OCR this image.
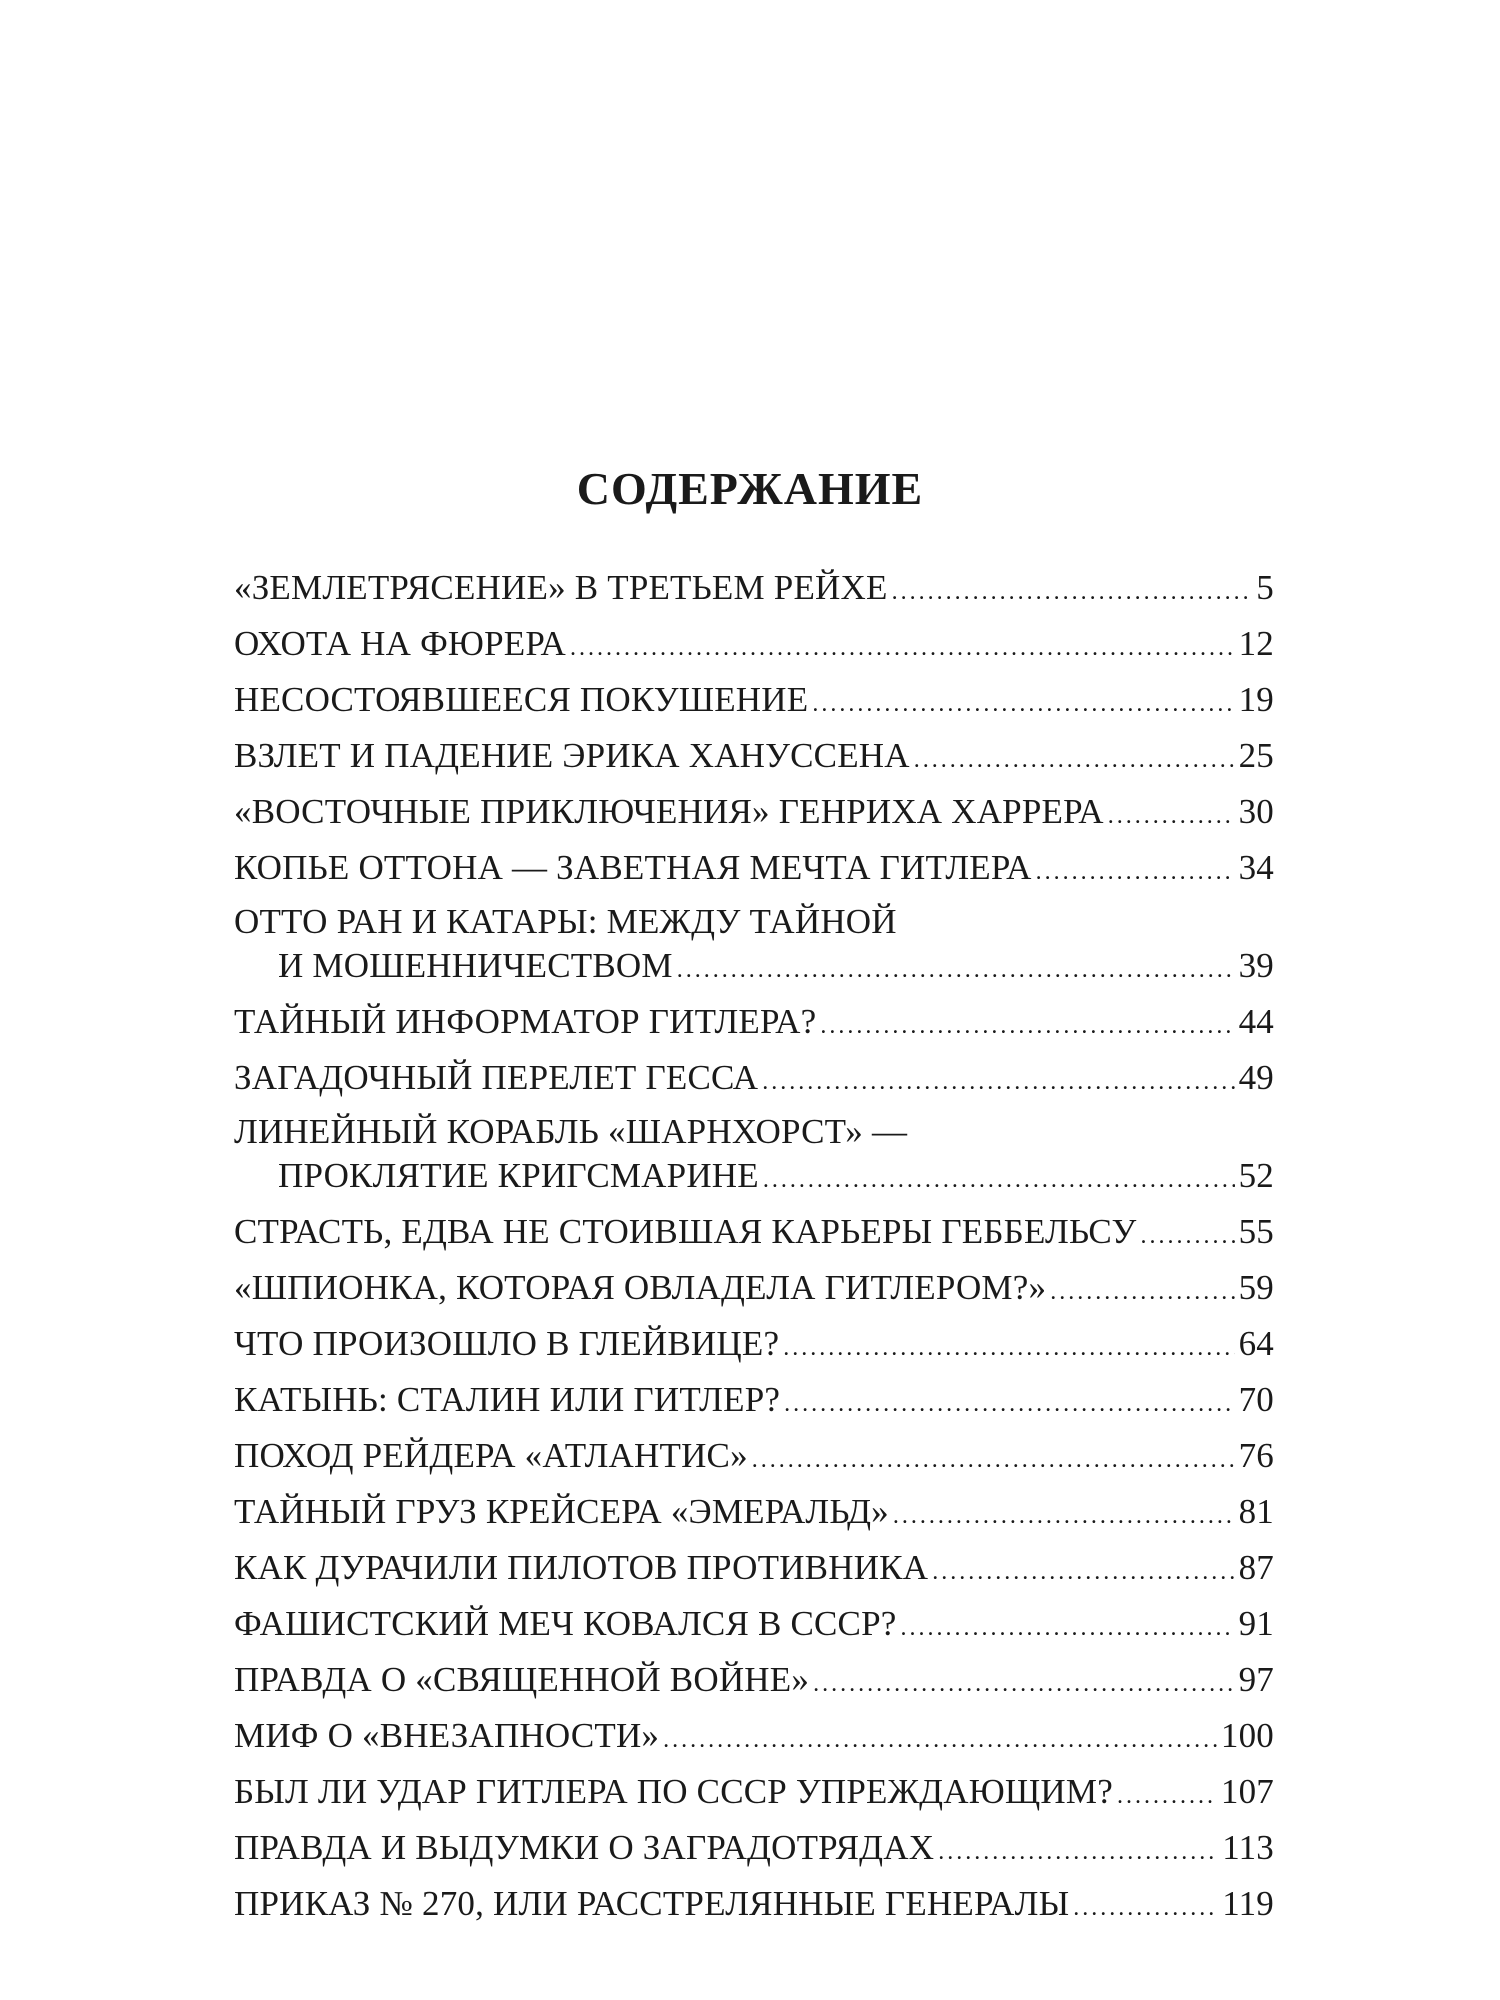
СОДЕРЖАНИЕ
«ЗЕМЛЕТРЯСЕНИЕ» В ТРЕТЬЕМ РЕЙХЕ .....	5
ОХОТА НА ФЮРЕРА .....	12
НЕСОСТОЯВШЕЕСЯ ПОКУШЕНИЕ .....	19
ВЗЛЕТ И ПАДЕНИЕ ЭРИКА ХАНУССЕНА .....	25
«ВОСТОЧНЫЕ ПРИКЛЮЧЕНИЯ» ГЕНРИХА ХАРРЕРА .....	30
КОПЬЕ ОТТОНА — ЗАВЕТНАЯ МЕЧТА ГИТЛЕРА .....	34
ОТТО РАН И КАТАРЫ: МЕЖДУ ТАЙНОЙ
И МОШЕННИЧЕСТВОМ .....	39
ТАЙНЫЙ ИНФОРМАТОР ГИТЛЕРА? .....	44
ЗАГАДОЧНЫЙ ПЕРЕЛЕТ ГЕССА .....	49
ЛИНЕЙНЫЙ КОРАБЛЬ «ШАРНХОРСТ» —
ПРОКЛЯТИЕ КРИГСМАРИНЕ .....	52
СТРАСТЬ, ЕДВА НЕ СТОИВШАЯ КАРЬЕРЫ ГЕББЕЛЬСУ .....	55
«ШПИОНКА, КОТОРАЯ ОВЛАДЕЛА ГИТЛЕРОМ?» .....	59
ЧТО ПРОИЗОШЛО В ГЛЕЙВИЦЕ? .....	64
КАТЫНЬ: СТАЛИН ИЛИ ГИТЛЕР? .....	70
ПОХОД РЕЙДЕРА «АТЛАНТИС» .....	76
ТАЙНЫЙ ГРУЗ КРЕЙСЕРА «ЭМЕРАЛЬД» .....	81
КАК ДУРАЧИЛИ ПИЛОТОВ ПРОТИВНИКА .....	87
ФАШИСТСКИЙ МЕЧ КОВАЛСЯ В СССР? .....	91
ПРАВДА О «СВЯЩЕННОЙ ВОЙНЕ» .....	97
МИФ О «ВНЕЗАПНОСТИ» .....	100
БЫЛ ЛИ УДАР ГИТЛЕРА ПО СССР УПРЕЖДАЮЩИМ? .....	107
ПРАВДА И ВЫДУМКИ О ЗАГРАДОТРЯДАХ .....	113
ПРИКАЗ № 270, ИЛИ РАССТРЕЛЯННЫЕ ГЕНЕРАЛЫ .....	119
